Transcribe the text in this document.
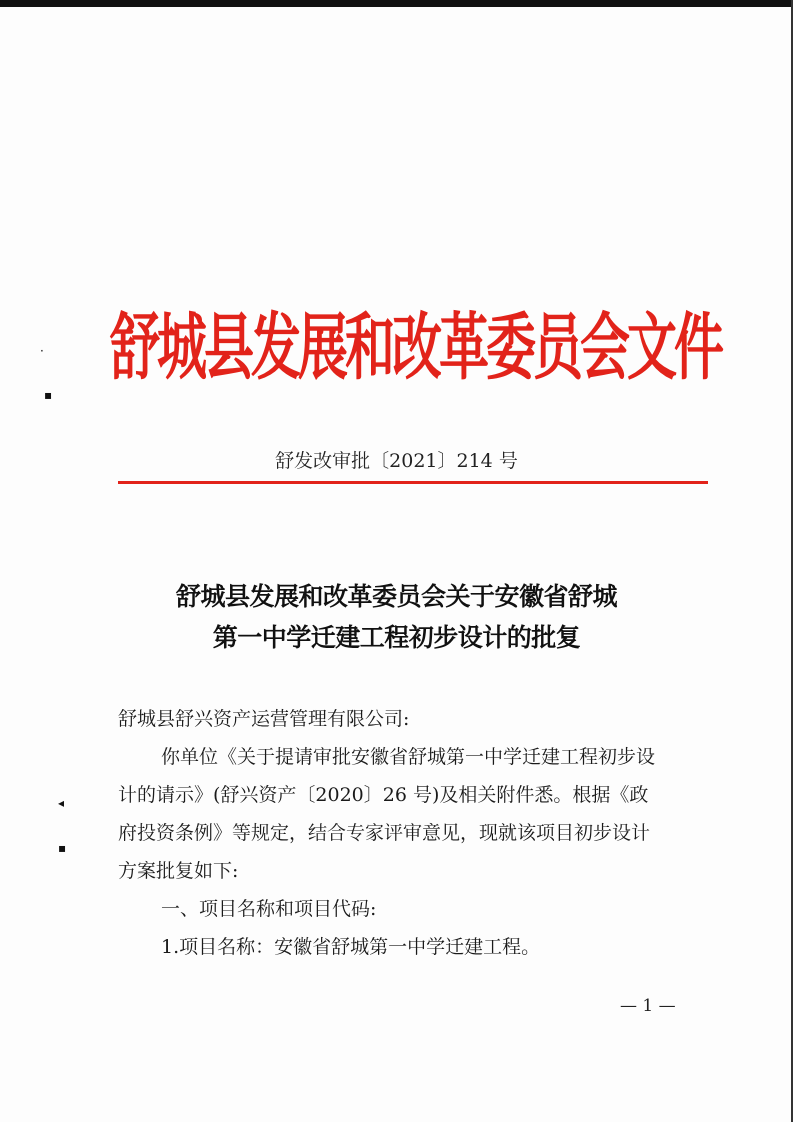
·
▪
◂
▪
舒城县发展和改革委员会文件
舒发改审批〔2021〕214 号
舒城县发展和改革委员会关于安徽省舒城
第一中学迁建工程初步设计的批复
舒城县舒兴资产运营管理有限公司:
你单位《关于提请审批安徽省舒城第一中学迁建工程初步设
计的请示》(舒兴资产〔2020〕26 号)及相关附件悉。根据《政
府投资条例》等规定，结合专家评审意见，现就该项目初步设计
方案批复如下:
一、项目名称和项目代码:
1.项目名称：安徽省舒城第一中学迁建工程。
— 1 —
